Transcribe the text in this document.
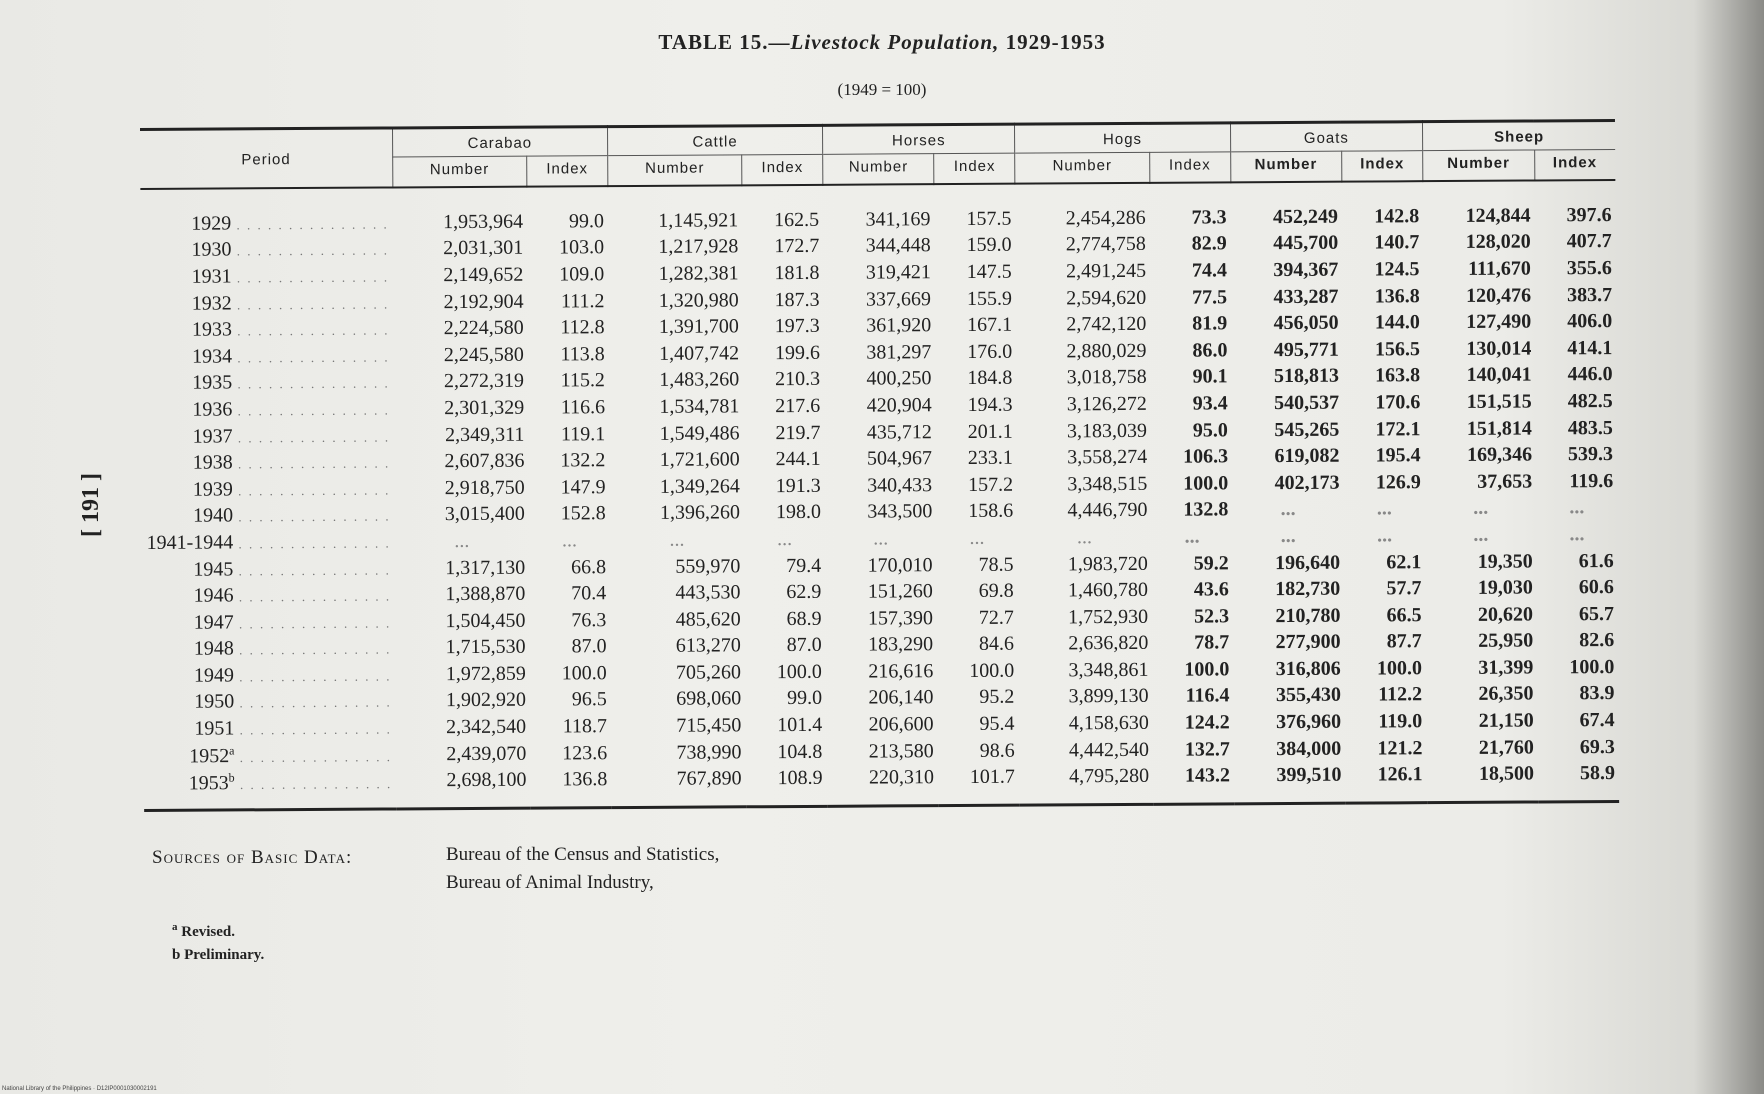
TABLE 15.—Livestock Population, 1929-1953
(1949 = 100)
[ 191 ]
Period	Carabao		Cattle		Horses		Hogs		Goats		Sheep	
	Number	Index	Number	Index	Number	Index	Number	Index	Number	Index	Number	Index
1929 . . . . . . . . . . . . . . .	1,953,964	99.0	1,145,921	162.5	341,169	157.5	2,454,286	73.3	452,249	142.8	124,844	397.6
1930 . . . . . . . . . . . . . . .	2,031,301	103.0	1,217,928	172.7	344,448	159.0	2,774,758	82.9	445,700	140.7	128,020	407.7
1931 . . . . . . . . . . . . . . .	2,149,652	109.0	1,282,381	181.8	319,421	147.5	2,491,245	74.4	394,367	124.5	111,670	355.6
1932 . . . . . . . . . . . . . . .	2,192,904	111.2	1,320,980	187.3	337,669	155.9	2,594,620	77.5	433,287	136.8	120,476	383.7
1933 . . . . . . . . . . . . . . .	2,224,580	112.8	1,391,700	197.3	361,920	167.1	2,742,120	81.9	456,050	144.0	127,490	406.0
1934 . . . . . . . . . . . . . . .	2,245,580	113.8	1,407,742	199.6	381,297	176.0	2,880,029	86.0	495,771	156.5	130,014	414.1
1935 . . . . . . . . . . . . . . .	2,272,319	115.2	1,483,260	210.3	400,250	184.8	3,018,758	90.1	518,813	163.8	140,041	446.0
1936 . . . . . . . . . . . . . . .	2,301,329	116.6	1,534,781	217.6	420,904	194.3	3,126,272	93.4	540,537	170.6	151,515	482.5
1937 . . . . . . . . . . . . . . .	2,349,311	119.1	1,549,486	219.7	435,712	201.1	3,183,039	95.0	545,265	172.1	151,814	483.5
1938 . . . . . . . . . . . . . . .	2,607,836	132.2	1,721,600	244.1	504,967	233.1	3,558,274	106.3	619,082	195.4	169,346	539.3
1939 . . . . . . . . . . . . . . .	2,918,750	147.9	1,349,264	191.3	340,433	157.2	3,348,515	100.0	402,173	126.9	37,653	119.6
1940 . . . . . . . . . . . . . . .	3,015,400	152.8	1,396,260	198.0	343,500	158.6	4,446,790	132.8	...	...	...	...
1941-1944 . . . . . . . . . . . . . . .	...	...	...	...	...	...	...	...	...	...	...	...
1945 . . . . . . . . . . . . . . .	1,317,130	66.8	559,970	79.4	170,010	78.5	1,983,720	59.2	196,640	62.1	19,350	61.6
1946 . . . . . . . . . . . . . . .	1,388,870	70.4	443,530	62.9	151,260	69.8	1,460,780	43.6	182,730	57.7	19,030	60.6
1947 . . . . . . . . . . . . . . .	1,504,450	76.3	485,620	68.9	157,390	72.7	1,752,930	52.3	210,780	66.5	20,620	65.7
1948 . . . . . . . . . . . . . . .	1,715,530	87.0	613,270	87.0	183,290	84.6	2,636,820	78.7	277,900	87.7	25,950	82.6
1949 . . . . . . . . . . . . . . .	1,972,859	100.0	705,260	100.0	216,616	100.0	3,348,861	100.0	316,806	100.0	31,399	100.0
1950 . . . . . . . . . . . . . . .	1,902,920	96.5	698,060	99.0	206,140	95.2	3,899,130	116.4	355,430	112.2	26,350	83.9
1951 . . . . . . . . . . . . . . .	2,342,540	118.7	715,450	101.4	206,600	95.4	4,158,630	124.2	376,960	119.0	21,150	67.4
1952$^a$ . . . . . . . . . . . . . . .	2,439,070	123.6	738,990	104.8	213,580	98.6	4,442,540	132.7	384,000	121.2	21,760	69.3
1953$^b$ . . . . . . . . . . . . . . .	2,698,100	136.8	767,890	108.9	220,310	101.7	4,795,280	143.2	399,510	126.1	18,500	58.9
Sources of Basic Data:	Bureau of the Census and Statistics,
Bureau of Animal Industry,
$^a$ Revised.
b Preliminary.
National Library of the Philippines · D12IP0001030002191
